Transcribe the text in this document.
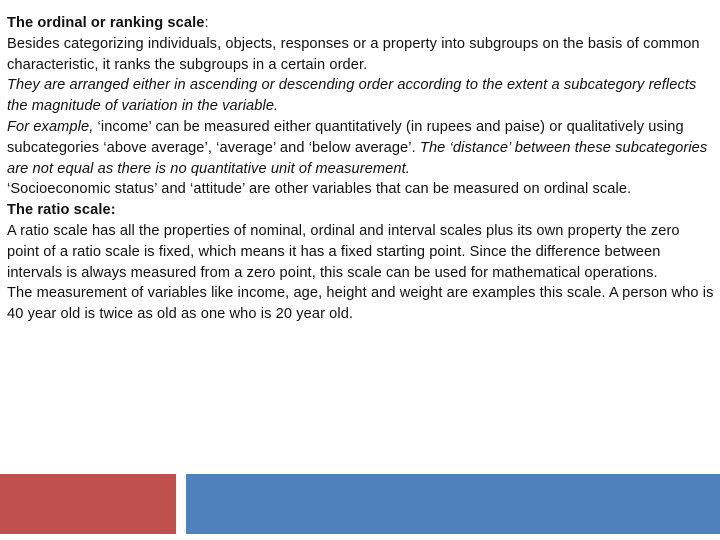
The ordinal or ranking scale:

Besides categorizing individuals, objects, responses or a property into subgroups on the basis of common characteristic, it ranks the subgroups in a certain order.

They are arranged either in ascending or descending order according to the extent a subcategory reflects the magnitude of variation in the variable.

For example, ‘income’ can be measured either quantitatively (in rupees and paise) or qualitatively using subcategories ‘above average’, ‘average’ and ‘below average’. The ‘distance’ between these subcategories are not equal as there is no quantitative unit of measurement.

‘Socioeconomic status’ and ‘attitude’ are other variables that can be measured on ordinal scale.

The ratio scale:

A ratio scale has all the properties of nominal, ordinal and interval scales plus its own property the zero point of a ratio scale is fixed, which means it has a fixed starting point. Since the difference between intervals is always measured from a zero point, this scale can be used for mathematical operations.

The measurement of variables like income, age, height and weight are examples this scale. A person who is 40 year old is twice as old as one who is 20 year old.
